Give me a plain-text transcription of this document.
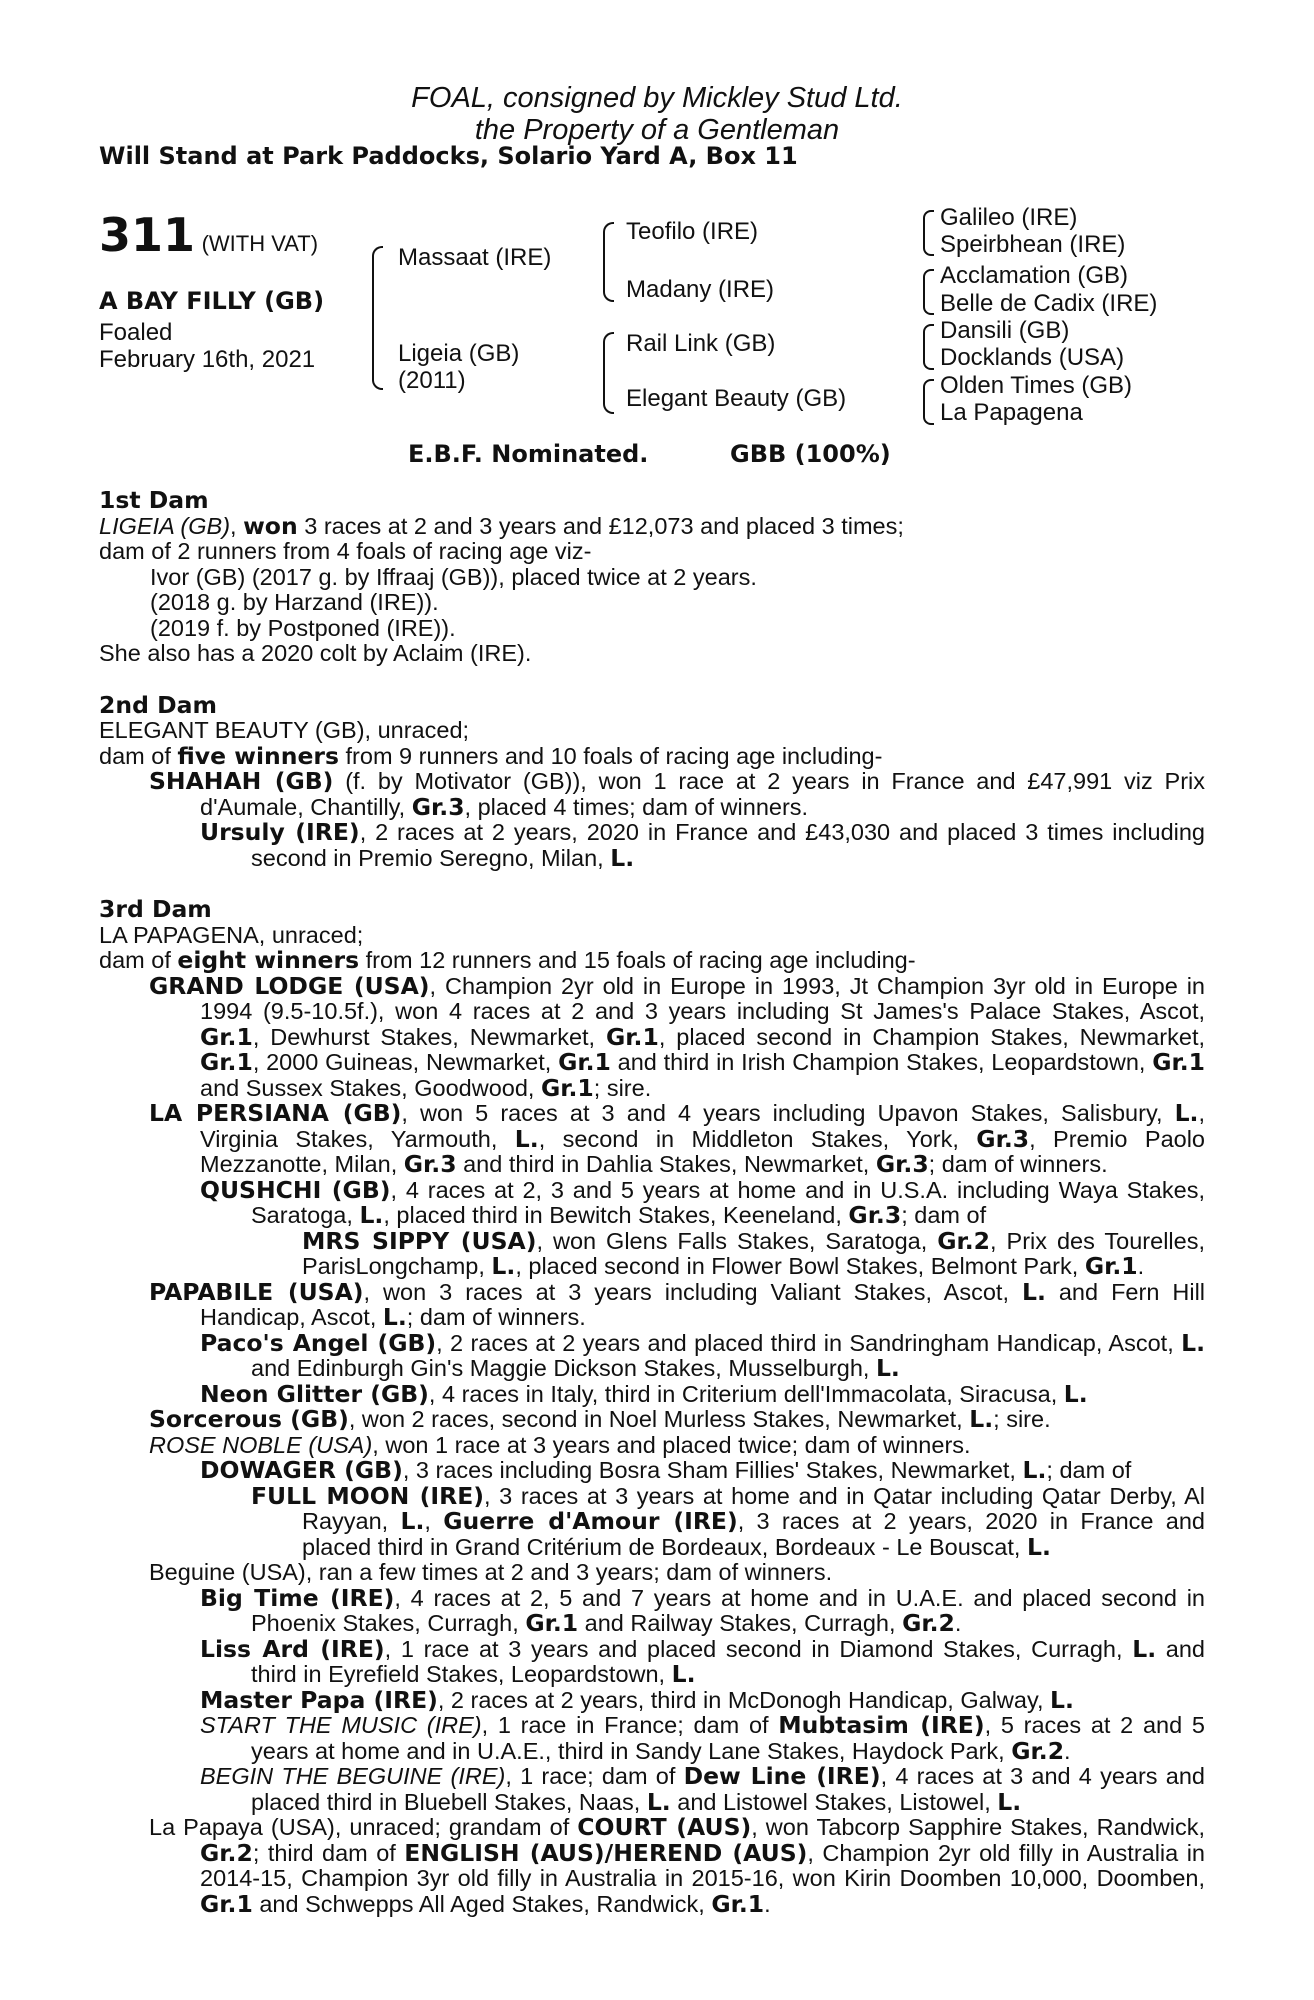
FOAL, consigned by Mickley Stud Ltd.
the Property of a Gentleman
Will Stand at Park Paddocks, Solario Yard A, Box 11
311 (WITH VAT)
A BAY FILLY (GB)
Foaled
February 16th, 2021
Massaat (IRE)
Ligeia (GB)
(2011)
Teofilo (IRE)
Madany (IRE)
Rail Link (GB)
Elegant Beauty (GB)
Galileo (IRE)
Speirbhean (IRE)
Acclamation (GB)
Belle de Cadix (IRE)
Dansili (GB)
Docklands (USA)
Olden Times (GB)
La Papagena
E.B.F. Nominated.	GBB (100%)
1st Dam
LIGEIA (GB), won 3 races at 2 and 3 years and £12,073 and placed 3 times;
dam of 2 runners from 4 foals of racing age viz-
Ivor (GB) (2017 g. by Iffraaj (GB)), placed twice at 2 years.
(2018 g. by Harzand (IRE)).
(2019 f. by Postponed (IRE)).
She also has a 2020 colt by Aclaim (IRE).
2nd Dam
ELEGANT BEAUTY (GB), unraced;
dam of five winners from 9 runners and 10 foals of racing age including-
SHAHAH (GB) (f. by Motivator (GB)), won 1 race at 2 years in France and £47,991 viz Prix d'Aumale, Chantilly, Gr.3, placed 4 times; dam of winners.
Ursuly (IRE), 2 races at 2 years, 2020 in France and £43,030 and placed 3 times including second in Premio Seregno, Milan, L.
3rd Dam
LA PAPAGENA, unraced;
dam of eight winners from 12 runners and 15 foals of racing age including-
GRAND LODGE (USA), Champion 2yr old in Europe in 1993, Jt Champion 3yr old in Europe in 1994 (9.5-10.5f.), won 4 races at 2 and 3 years including St James's Palace Stakes, Ascot, Gr.1, Dewhurst Stakes, Newmarket, Gr.1, placed second in Champion Stakes, Newmarket, Gr.1, 2000 Guineas, Newmarket, Gr.1 and third in Irish Champion Stakes, Leopardstown, Gr.1 and Sussex Stakes, Goodwood, Gr.1; sire.
LA PERSIANA (GB), won 5 races at 3 and 4 years including Upavon Stakes, Salisbury, L., Virginia Stakes, Yarmouth, L., second in Middleton Stakes, York, Gr.3, Premio Paolo Mezzanotte, Milan, Gr.3 and third in Dahlia Stakes, Newmarket, Gr.3; dam of winners.
QUSHCHI (GB), 4 races at 2, 3 and 5 years at home and in U.S.A. including Waya Stakes, Saratoga, L., placed third in Bewitch Stakes, Keeneland, Gr.3; dam of
MRS SIPPY (USA), won Glens Falls Stakes, Saratoga, Gr.2, Prix des Tourelles, ParisLongchamp, L., placed second in Flower Bowl Stakes, Belmont Park, Gr.1.
PAPABILE (USA), won 3 races at 3 years including Valiant Stakes, Ascot, L. and Fern Hill Handicap, Ascot, L.; dam of winners.
Paco's Angel (GB), 2 races at 2 years and placed third in Sandringham Handicap, Ascot, L. and Edinburgh Gin's Maggie Dickson Stakes, Musselburgh, L.
Neon Glitter (GB), 4 races in Italy, third in Criterium dell'Immacolata, Siracusa, L.
Sorcerous (GB), won 2 races, second in Noel Murless Stakes, Newmarket, L.; sire.
ROSE NOBLE (USA), won 1 race at 3 years and placed twice; dam of winners.
DOWAGER (GB), 3 races including Bosra Sham Fillies' Stakes, Newmarket, L.; dam of
FULL MOON (IRE), 3 races at 3 years at home and in Qatar including Qatar Derby, Al Rayyan, L., Guerre d'Amour (IRE), 3 races at 2 years, 2020 in France and placed third in Grand Critérium de Bordeaux, Bordeaux - Le Bouscat, L.
Beguine (USA), ran a few times at 2 and 3 years; dam of winners.
Big Time (IRE), 4 races at 2, 5 and 7 years at home and in U.A.E. and placed second in Phoenix Stakes, Curragh, Gr.1 and Railway Stakes, Curragh, Gr.2.
Liss Ard (IRE), 1 race at 3 years and placed second in Diamond Stakes, Curragh, L. and third in Eyrefield Stakes, Leopardstown, L.
Master Papa (IRE), 2 races at 2 years, third in McDonogh Handicap, Galway, L.
START THE MUSIC (IRE), 1 race in France; dam of Mubtasim (IRE), 5 races at 2 and 5 years at home and in U.A.E., third in Sandy Lane Stakes, Haydock Park, Gr.2.
BEGIN THE BEGUINE (IRE), 1 race; dam of Dew Line (IRE), 4 races at 3 and 4 years and placed third in Bluebell Stakes, Naas, L. and Listowel Stakes, Listowel, L.
La Papaya (USA), unraced; grandam of COURT (AUS), won Tabcorp Sapphire Stakes, Randwick, Gr.2; third dam of ENGLISH (AUS)/HEREND (AUS), Champion 2yr old filly in Australia in 2014-15, Champion 3yr old filly in Australia in 2015-16, won Kirin Doomben 10,000, Doomben, Gr.1 and Schwepps All Aged Stakes, Randwick, Gr.1.
